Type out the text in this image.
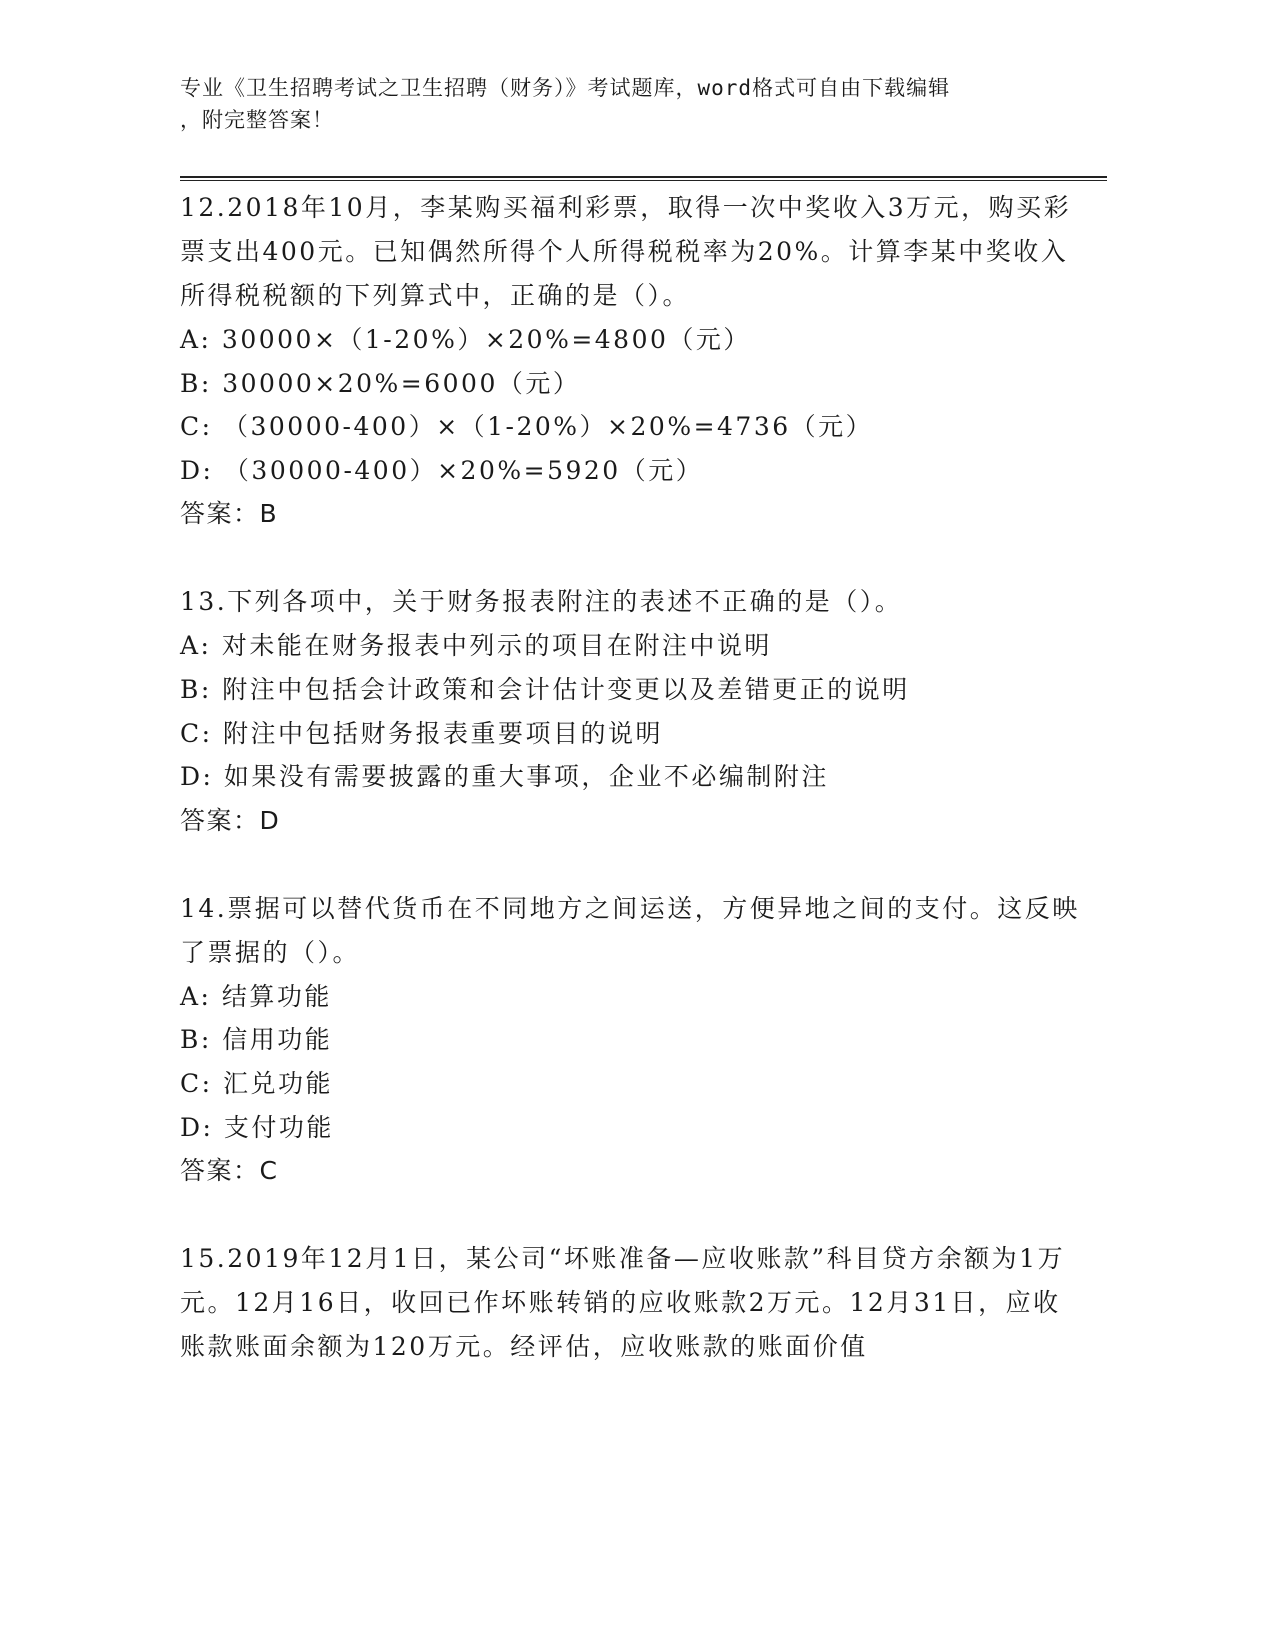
专业《卫生招聘考试之卫生招聘（财务）》考试题库，word格式可自由下载编辑
，附完整答案！
12.2018年10月，李某购买福利彩票，取得一次中奖收入3万元，购买彩票支出400元。已知偶然所得个人所得税税率为20%。计算李某中奖收入所得税税额的下列算式中，正确的是（）。
A: 30000×（1-20%）×20%=4800（元）
B: 30000×20%=6000（元）
C: （30000-400）×（1-20%）×20%=4736（元）
D: （30000-400）×20%=5920（元）
答案：B
13.下列各项中，关于财务报表附注的表述不正确的是（）。
A: 对未能在财务报表中列示的项目在附注中说明
B: 附注中包括会计政策和会计估计变更以及差错更正的说明
C: 附注中包括财务报表重要项目的说明
D: 如果没有需要披露的重大事项，企业不必编制附注
答案：D
14.票据可以替代货币在不同地方之间运送，方便异地之间的支付。这反映了票据的（）。
A: 结算功能
B: 信用功能
C: 汇兑功能
D: 支付功能
答案：C
15.2019年12月1日，某公司“坏账准备—应收账款”科目贷方余额为1万元。12月16日，收回已作坏账转销的应收账款2万元。12月31日，应收账款账面余额为120万元。经评估，应收账款的账面价值
